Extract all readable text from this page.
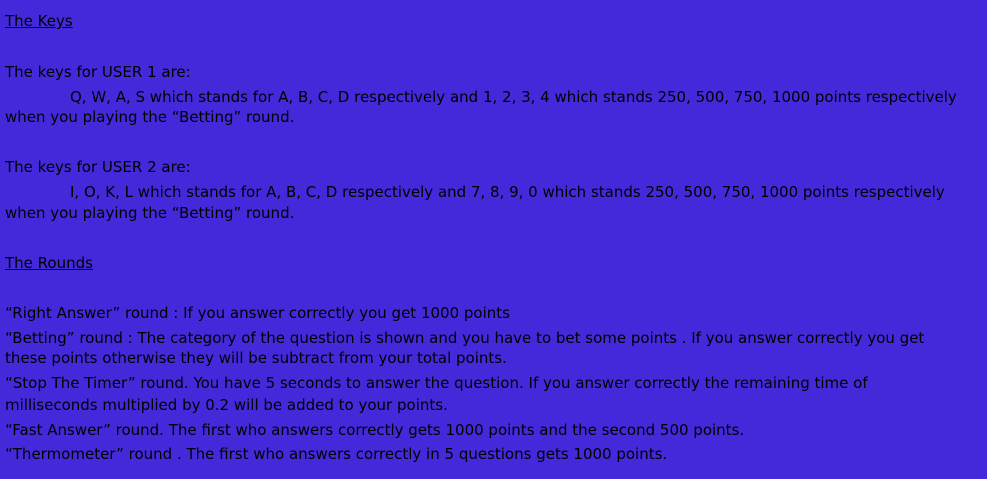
The Keys
The keys for USER 1 are:
Q, W, A, S which stands for A, B, C, D respectively and 1, 2, 3, 4 which stands 250, 500, 750, 1000 points respectively
when you playing the “Betting” round.
The keys for USER 2 are:
I, O, K, L which stands for A, B, C, D respectively and 7, 8, 9, 0 which stands 250, 500, 750, 1000 points respectively
when you playing the “Betting” round.
The Rounds
“Right Answer” round : If you answer correctly you get 1000 points
“Betting” round : The category of the question is shown and you have to bet some points . If you answer correctly you get
these points otherwise they will be subtract from your total points.
“Stop The Timer” round. You have 5 seconds to answer the question. If you answer correctly the remaining time of
milliseconds multiplied by 0.2 will be added to your points.
“Fast Answer” round. The first who answers correctly gets 1000 points and the second 500 points.
“Thermometer” round . The first who answers correctly in 5 questions gets 1000 points.
